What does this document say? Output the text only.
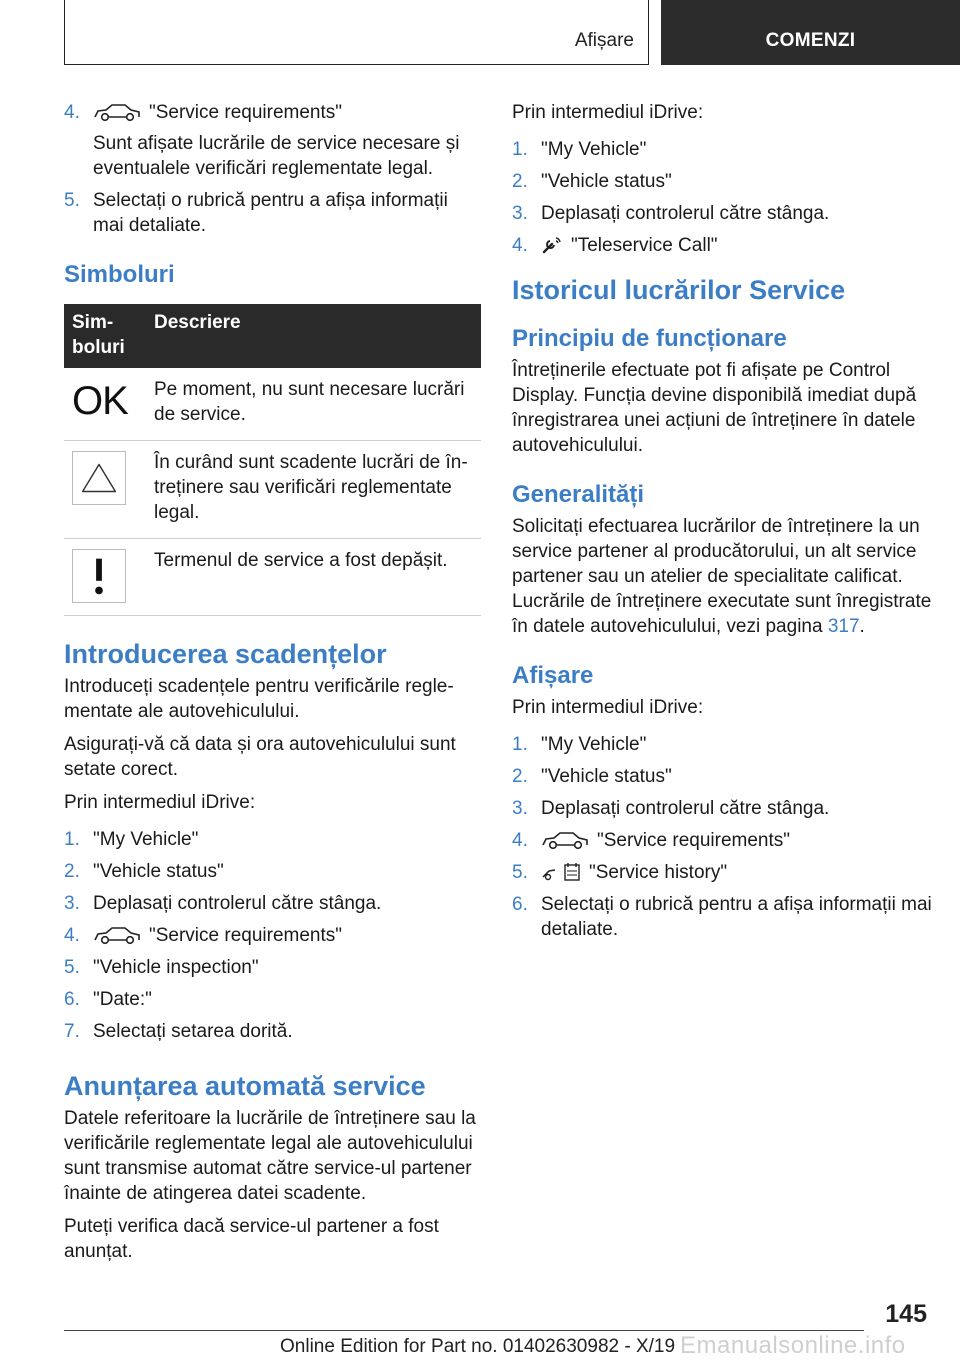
Afișare	COMENZI
4.	"Service requirements"
Sunt afișate lucrările de service necesare și eventualele verificări reglementate legal.
5. Selectați o rubrică pentru a afișa informații mai detaliate.
Simboluri
Simboluri	Descriere

OK	Pe moment, nu sunt necesare lucrări de service.

	În curând sunt scadente lucrări de întreținere sau verificări reglementate legal.

	Termenul de service a fost depășit.
Introducerea scadențelor

Introduceți scadențele pentru verificările reglementate ale autovehiculului.

Asigurați-vă că data și ora autovehiculului sunt setate corect.

Prin intermediul iDrive:

1. "My Vehicle"
2. "Vehicle status"
3. Deplasați controlerul către stânga.
4.	"Service requirements"
5. "Vehicle inspection"
6. "Date:"
7. Selectați setarea dorită.
Anunțarea automată service

Datele referitoare la lucrările de întreținere sau la verificările reglementate legal ale autovehiculului sunt transmise automat către service-ul partener înainte de atingerea datei scadente.

Puteți verifica dacă service-ul partener a fost anunțat.

Prin intermediul iDrive:

1. "My Vehicle"
2. "Vehicle status"
3. Deplasați controlerul către stânga.
4. "Teleservice Call"
Istoricul lucrărilor Service
Principiu de funcționare

Întreținerile efectuate pot fi afișate pe Control Display. Funcția devine disponibilă imediat după înregistrarea unei acțiuni de întreținere în datele autovehiculului.

Generalități

Solicitați efectuarea lucrărilor de întreținere la un service partener al producătorului, un alt service partener sau un atelier de specialitate calificat. Lucrările de întreținere executate sunt înregistrate în datele autovehiculului, vezi pagina 317.

Afișare

Prin intermediul iDrive:

1. "My Vehicle"
2. "Vehicle status"
3. Deplasați controlerul către stânga.
4.	"Service requirements"
5.	"Service history"
6. Selectați o rubrică pentru a afișa informații mai detaliate.
145
Online Edition for Part no. 01402630982 - X/19 Emanualsonline.info
